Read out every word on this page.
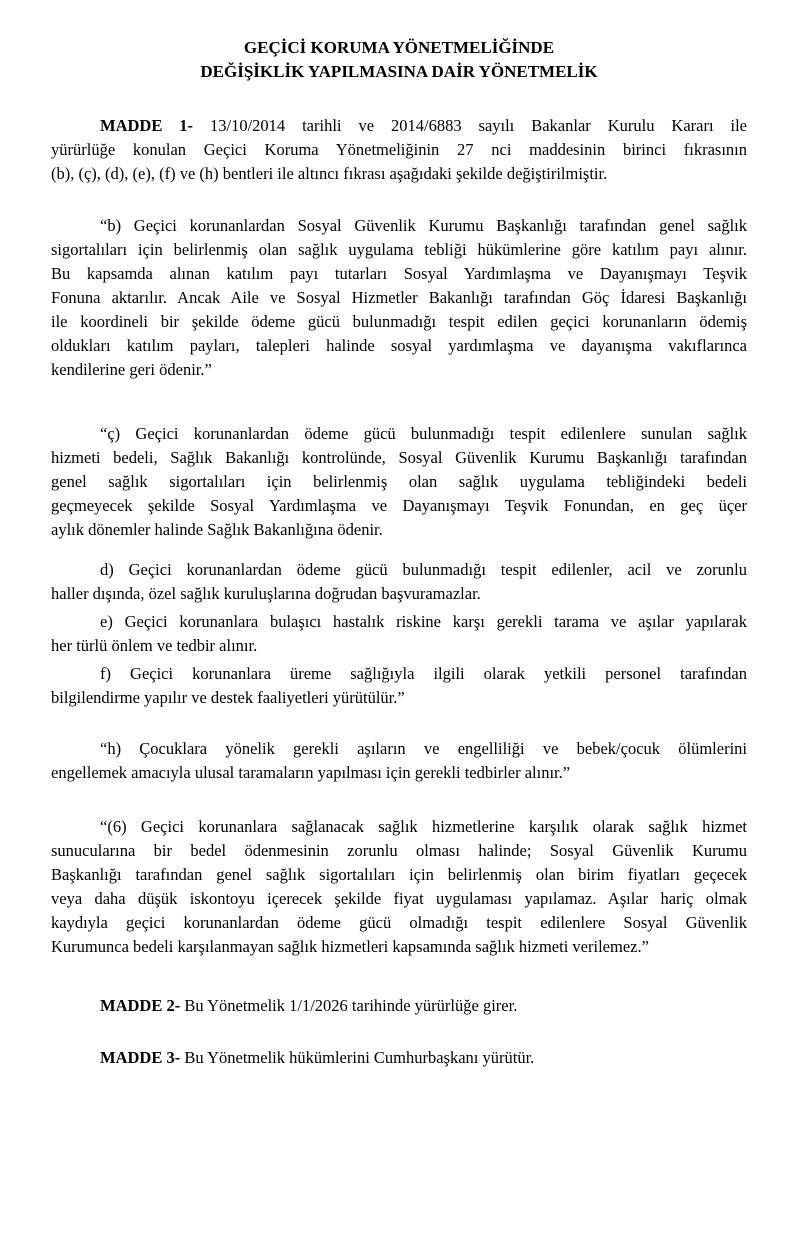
GEÇİCİ KORUMA YÖNETMELİĞİNDE
DEĞİŞİKLİK YAPILMASINA DAİR YÖNETMELİK
MADDE 1- 13/10/2014 tarihli ve 2014/6883 sayılı Bakanlar Kurulu Kararı ile
yürürlüğe konulan Geçici Koruma Yönetmeliğinin 27 nci maddesinin birinci fıkrasının
(b), (ç), (d), (e), (f) ve (h) bentleri ile altıncı fıkrası aşağıdaki şekilde değiştirilmiştir.
“b) Geçici korunanlardan Sosyal Güvenlik Kurumu Başkanlığı tarafından genel sağlık
sigortalıları için belirlenmiş olan sağlık uygulama tebliği hükümlerine göre katılım payı alınır.
Bu kapsamda alınan katılım payı tutarları Sosyal Yardımlaşma ve Dayanışmayı Teşvik
Fonuna aktarılır. Ancak Aile ve Sosyal Hizmetler Bakanlığı tarafından Göç İdaresi Başkanlığı
ile koordineli bir şekilde ödeme gücü bulunmadığı tespit edilen geçici korunanların ödemiş
oldukları katılım payları, talepleri halinde sosyal yardımlaşma ve dayanışma vakıflarınca
kendilerine geri ödenir.”
“ç) Geçici korunanlardan ödeme gücü bulunmadığı tespit edilenlere sunulan sağlık
hizmeti bedeli, Sağlık Bakanlığı kontrolünde, Sosyal Güvenlik Kurumu Başkanlığı tarafından
genel sağlık sigortalıları için belirlenmiş olan sağlık uygulama tebliğindeki bedeli
geçmeyecek şekilde Sosyal Yardımlaşma ve Dayanışmayı Teşvik Fonundan, en geç üçer
aylık dönemler halinde Sağlık Bakanlığına ödenir.
d) Geçici korunanlardan ödeme gücü bulunmadığı tespit edilenler, acil ve zorunlu
haller dışında, özel sağlık kuruluşlarına doğrudan başvuramazlar.
e) Geçici korunanlara bulaşıcı hastalık riskine karşı gerekli tarama ve aşılar yapılarak
her türlü önlem ve tedbir alınır.
f) Geçici korunanlara üreme sağlığıyla ilgili olarak yetkili personel tarafından
bilgilendirme yapılır ve destek faaliyetleri yürütülür.”
“h) Çocuklara yönelik gerekli aşıların ve engelliliği ve bebek/çocuk ölümlerini
engellemek amacıyla ulusal taramaların yapılması için gerekli tedbirler alınır.”
“(6) Geçici korunanlara sağlanacak sağlık hizmetlerine karşılık olarak sağlık hizmet
sunucularına bir bedel ödenmesinin zorunlu olması halinde; Sosyal Güvenlik Kurumu
Başkanlığı tarafından genel sağlık sigortalıları için belirlenmiş olan birim fiyatları geçecek
veya daha düşük iskontoyu içerecek şekilde fiyat uygulaması yapılamaz. Aşılar hariç olmak
kaydıyla geçici korunanlardan ödeme gücü olmadığı tespit edilenlere Sosyal Güvenlik
Kurumunca bedeli karşılanmayan sağlık hizmetleri kapsamında sağlık hizmeti verilemez.”
MADDE 2- Bu Yönetmelik 1/1/2026 tarihinde yürürlüğe girer.
MADDE 3- Bu Yönetmelik hükümlerini Cumhurbaşkanı yürütür.
